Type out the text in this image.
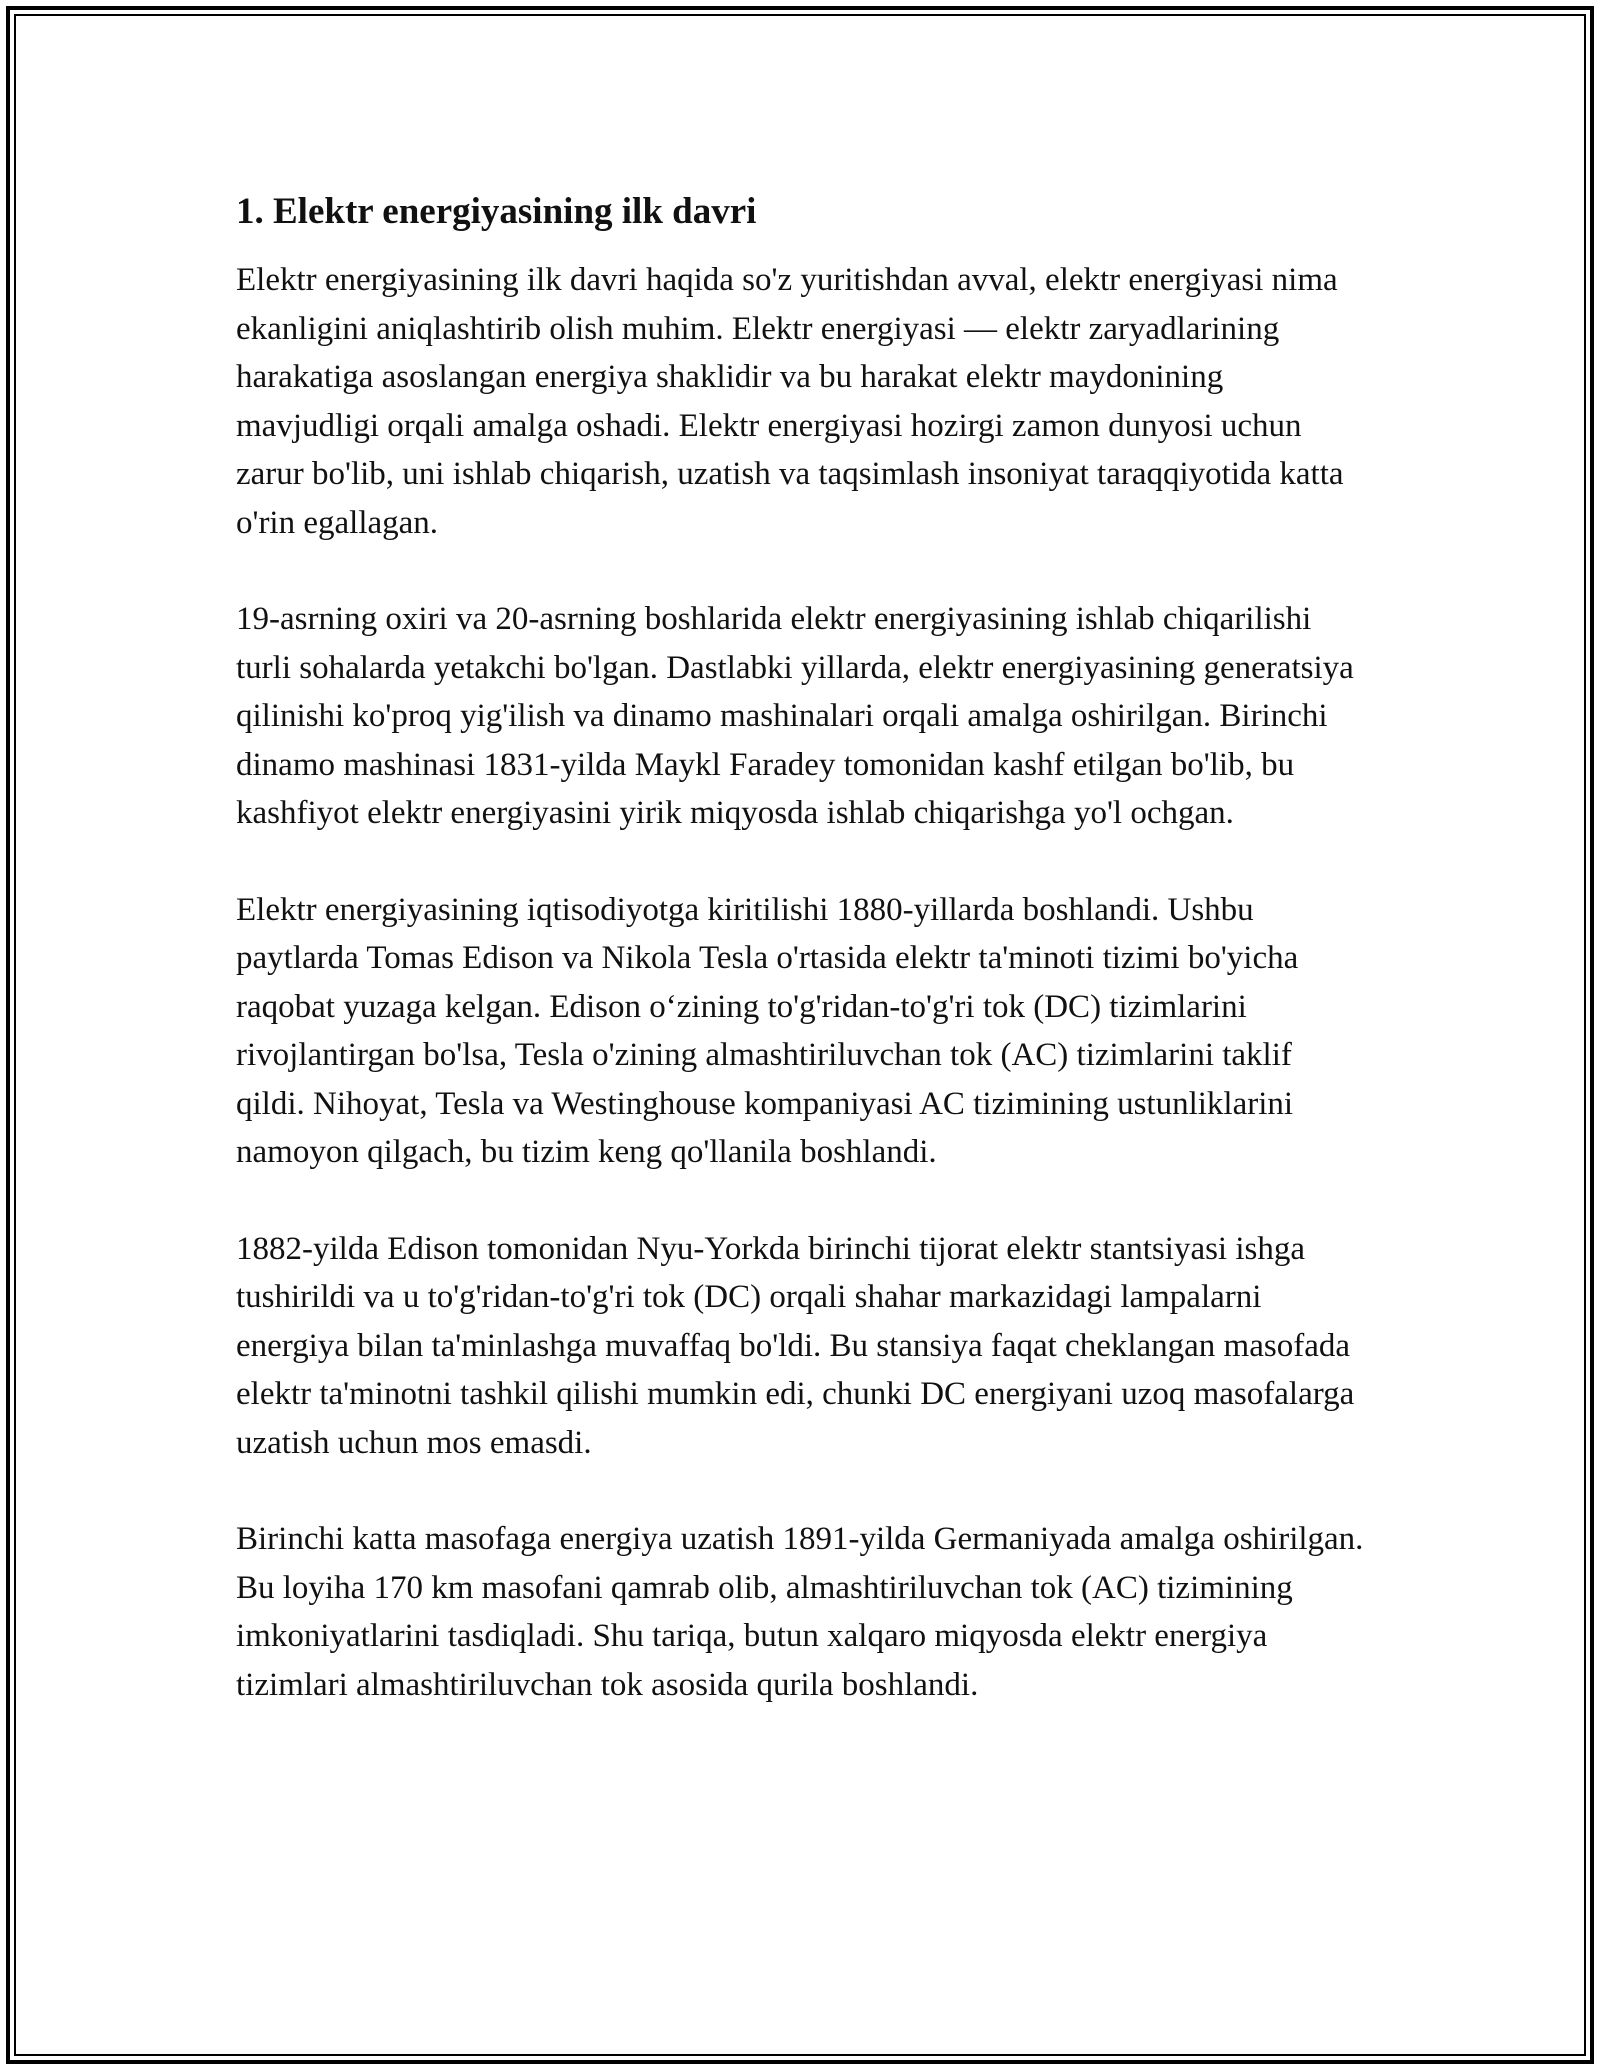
1. Elektr energiyasining ilk davri

Elektr energiyasining ilk davri haqida so'z yuritishdan avval, elektr energiyasi nima ekanligini aniqlashtirib olish muhim. Elektr energiyasi — elektr zaryadlarining harakatiga asoslangan energiya shaklidir va bu harakat elektr maydonining mavjudligi orqali amalga oshadi. Elektr energiyasi hozirgi zamon dunyosi uchun zarur bo'lib, uni ishlab chiqarish, uzatish va taqsimlash insoniyat taraqqiyotida katta o'rin egallagan.

19-asrning oxiri va 20-asrning boshlarida elektr energiyasining ishlab chiqarilishi turli sohalarda yetakchi bo'lgan. Dastlabki yillarda, elektr energiyasining generatsiya qilinishi ko'proq yig'ilish va dinamo mashinalari orqali amalga oshirilgan. Birinchi dinamo mashinasi 1831-yilda Maykl Faradey tomonidan kashf etilgan bo'lib, bu kashfiyot elektr energiyasini yirik miqyosda ishlab chiqarishga yo'l ochgan.

Elektr energiyasining iqtisodiyotga kiritilishi 1880-yillarda boshlandi. Ushbu paytlarda Tomas Edison va Nikola Tesla o'rtasida elektr ta'minoti tizimi bo'yicha raqobat yuzaga kelgan. Edison o‘zining to'g'ridan-to'g'ri tok (DC) tizimlarini rivojlantirgan bo'lsa, Tesla o'zining almashtiriluvchan tok (AC) tizimlarini taklif qildi. Nihoyat, Tesla va Westinghouse kompaniyasi AC tizimining ustunliklarini namoyon qilgach, bu tizim keng qo'llanila boshlandi.

1882-yilda Edison tomonidan Nyu-Yorkda birinchi tijorat elektr stantsiyasi ishga tushirildi va u to'g'ridan-to'g'ri tok (DC) orqali shahar markazidagi lampalarni energiya bilan ta'minlashga muvaffaq bo'ldi. Bu stansiya faqat cheklangan masofada elektr ta'minotni tashkil qilishi mumkin edi, chunki DC energiyani uzoq masofalarga uzatish uchun mos emasdi.

Birinchi katta masofaga energiya uzatish 1891-yilda Germaniyada amalga oshirilgan. Bu loyiha 170 km masofani qamrab olib, almashtiriluvchan tok (AC) tizimining imkoniyatlarini tasdiqladi. Shu tariqa, butun xalqaro miqyosda elektr energiya tizimlari almashtiriluvchan tok asosida qurila boshlandi.
